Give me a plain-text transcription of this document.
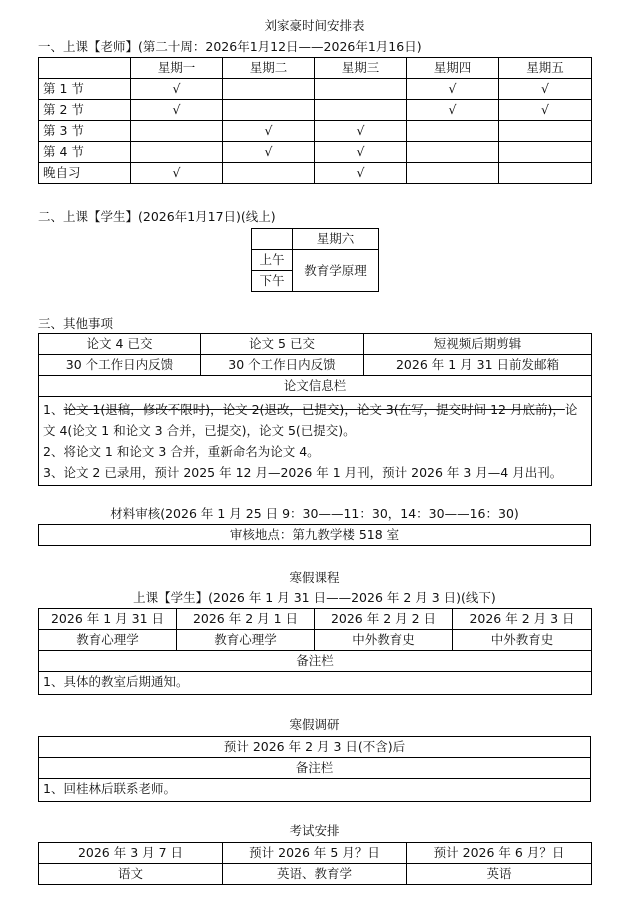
刘家豪时间安排表
一、上课【老师】(第二十周：2026年1月12日——2026年1月16日)
	星期一	星期二	星期三	星期四	星期五
第 1 节	√			√	√
第 2 节	√			√	√
第 3 节		√	√		
第 4 节		√	√		
晚自习	√		√		
二、上课【学生】(2026年1月17日)(线上)
	星期六
上午	教育学原理
下午	
三、其他事项
论文 4 已交	论文 5 已交	短视频后期剪辑
30 个工作日内反馈	30 个工作日内反馈	2026 年 1 月 31 日前发邮箱
论文信息栏		

1、论文 1(退稿，修改不限时)，论文 2(退改，已提交)，论文 3(在写，提交时间 12 月底前)，论文 4(论文 1 和论文 3 合并，已提交)，论文 5(已提交)。
2、将论文 1 和论文 3 合并，重新命名为论文 4。
3、论文 2 已录用，预计 2025 年 12 月—2026 年 1 月刊，预计 2026 年 3 月—4 月出刊。		
材料审核(2026 年 1 月 25 日 9：30——11：30，14：30——16：30)
审核地点：第九教学楼 518 室
寒假课程
上课【学生】(2026 年 1 月 31 日——2026 年 2 月 3 日)(线下)
2026 年 1 月 31 日	2026 年 2 月 1 日	2026 年 2 月 2 日	2026 年 2 月 3 日
教育心理学	教育心理学	中外教育史	中外教育史
备注栏			
1、具体的教室后期通知。			
寒假调研
预计 2026 年 2 月 3 日(不含)后
备注栏
1、回桂林后联系老师。
考试安排
2026 年 3 月 7 日	预计 2026 年 5 月？日	预计 2026 年 6 月？日
语文	英语、教育学	英语
